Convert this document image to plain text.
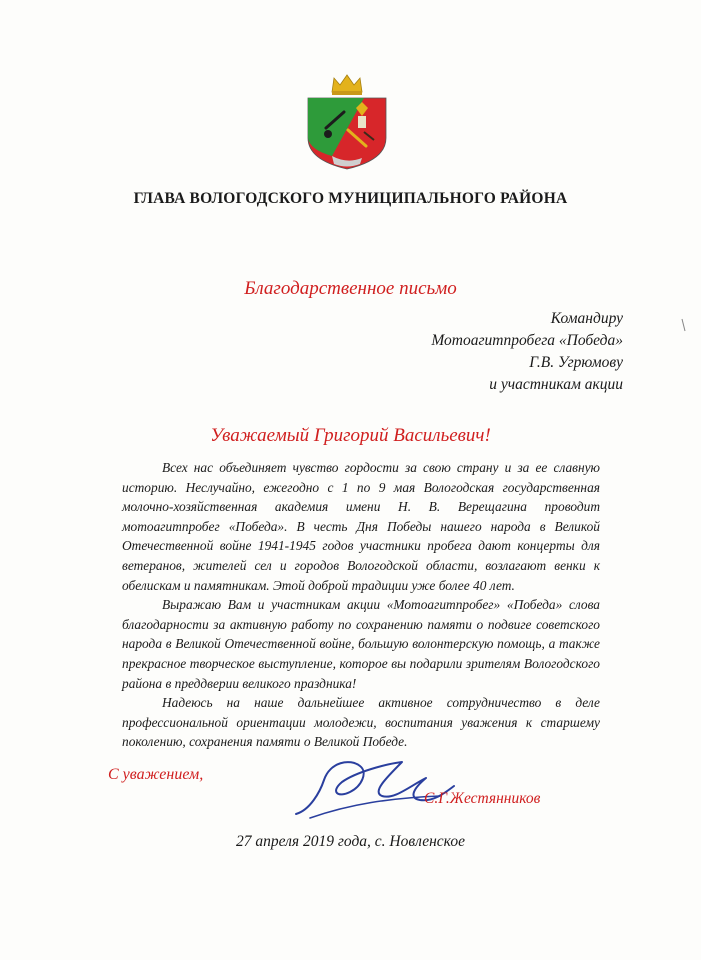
ГЛАВА ВОЛОГОДСКОГО МУНИЦИПАЛЬНОГО РАЙОНА
Благодарственное письмо
Командиру
Мотоагитпробега «Победа»
Г.В. Угрюмову
и участникам акции
Уважаемый Григорий Васильевич!

Всех нас объединяет чувство гордости за свою страну и за ее славную историю. Неслучайно, ежегодно с 1 по 9 мая Вологодская государственная молочно-хозяйственная академия имени Н. В. Верещагина проводит мотоагитпробег «Победа». В честь Дня Победы нашего народа в Великой Отечественной войне 1941-1945 годов участники пробега дают концерты для ветеранов, жителей сел и городов Вологодской области, возлагают венки к обелискам и памятникам. Этой доброй традиции уже более 40 лет.

Выражаю Вам и участникам акции «Мотоагитпробег» «Победа» слова благодарности за активную работу по сохранению памяти о подвиге советского народа в Великой Отечественной войне, большую волонтерскую помощь, а также прекрасное творческое выступление, которое вы подарили зрителям Вологодского района в преддверии великого праздника!

Надеюсь на наше дальнейшее активное сотрудничество в деле профессиональной ориентации молодежи, воспитания уважения к старшему поколению, сохранения памяти о Великой Победе.

С уважением,
С.Г.Жестянников
27 апреля 2019 года, с. Новленское
